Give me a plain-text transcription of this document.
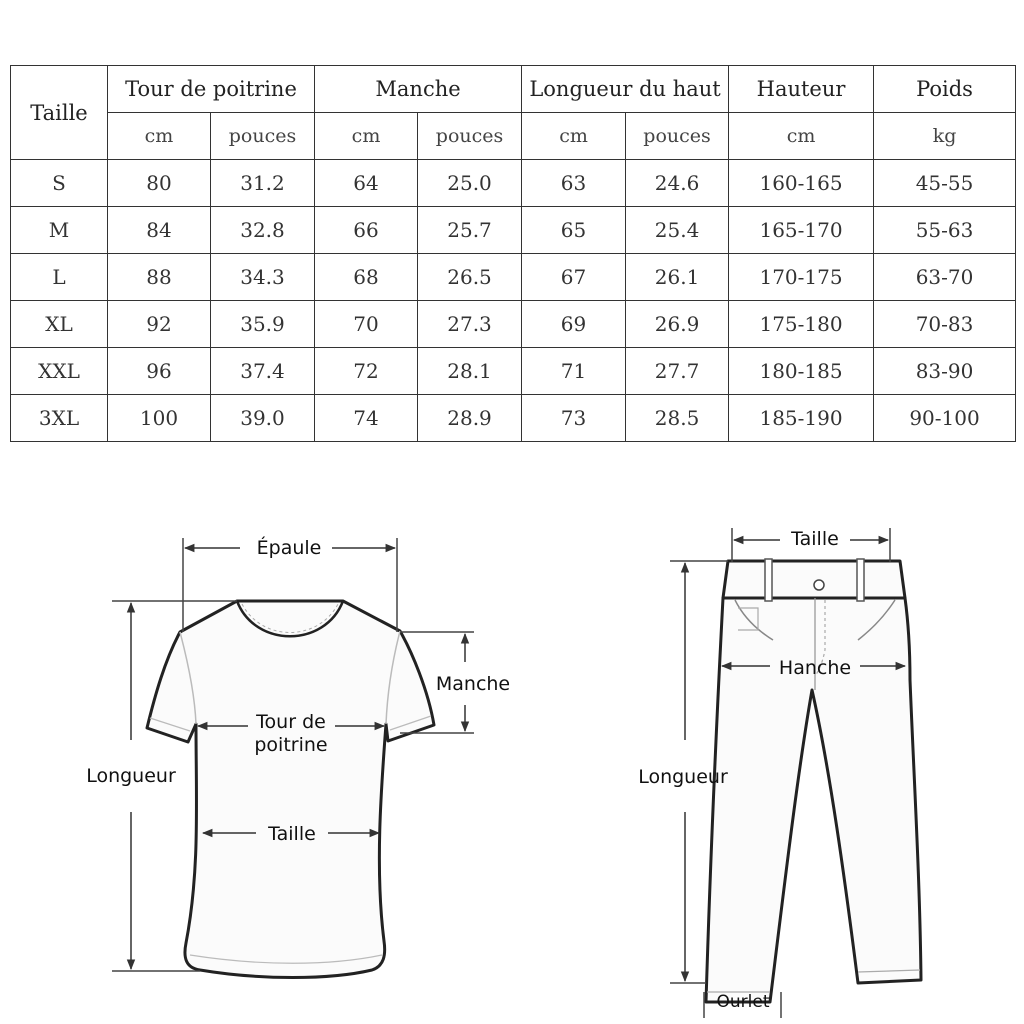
Taille	Tour de poitrine		Manche		Longueur du haut		Hauteur	Poids
	cm	pouces	cm	pouces	cm	pouces	cm	kg
S	80	31.2	64	25.0	63	24.6	160-165	45-55
M	84	32.8	66	25.7	65	25.4	165-170	55-63
L	88	34.3	68	26.5	67	26.1	170-175	63-70
XL	92	35.9	70	27.3	69	26.9	175-180	70-83
XXL	96	37.4	72	28.1	71	27.7	180-185	83-90
3XL	100	39.0	74	28.9	73	28.5	185-190	90-100
Épaule
Manche
Tour de
poitrine
Taille
Longueur
Taille
Hanche
Longueur
Ourlet
